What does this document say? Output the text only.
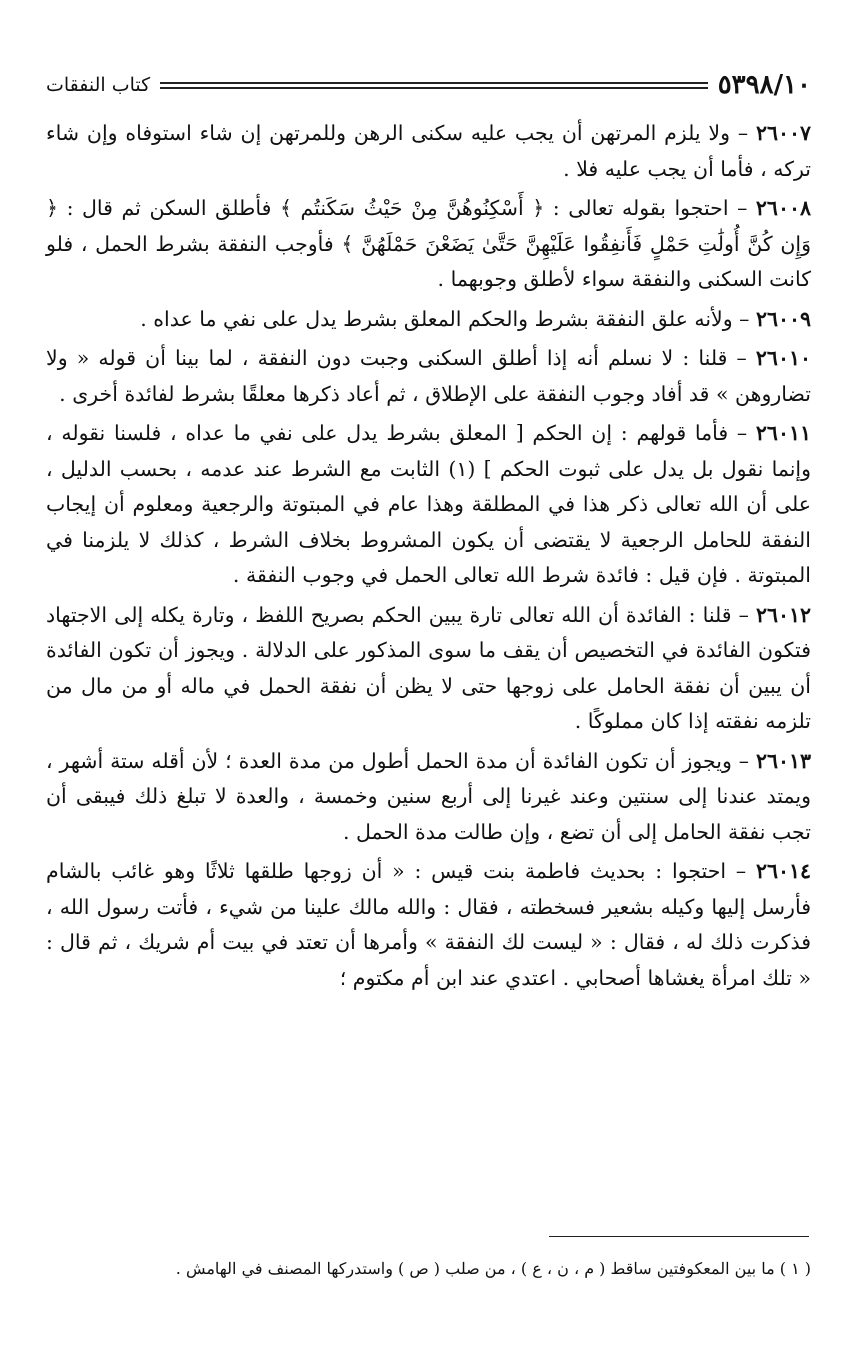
٥٣٩٨/١٠
كتاب النفقات

٢٦٠٠٧ – ولا يلزم المرتهن أن يجب عليه سكنى الرهن وللمرتهن إن شاء استوفاه وإن شاء تركه ، فأما أن يجب عليه فلا .

٢٦٠٠٨ – احتجوا بقوله تعالى : ﴿ أَسْكِنُوهُنَّ مِنْ حَيْثُ سَكَنتُم ﴾ فأطلق السكن ثم قال : ﴿ وَإِن كُنَّ أُولَٰتِ حَمْلٍ فَأَنفِقُوا عَلَيْهِنَّ حَتَّىٰ يَضَعْنَ حَمْلَهُنَّ ﴾ فأوجب النفقة بشرط الحمل ، فلو كانت السكنى والنفقة سواء لأطلق وجوبهما .

٢٦٠٠٩ – ولأنه علق النفقة بشرط والحكم المعلق بشرط يدل على نفي ما عداه .

٢٦٠١٠ – قلنا : لا نسلم أنه إذا أطلق السكنى وجبت دون النفقة ، لما بينا أن قوله « ولا تضاروهن » قد أفاد وجوب النفقة على الإطلاق ، ثم أعاد ذكرها معلقًا بشرط لفائدة أخرى .

٢٦٠١١ – فأما قولهم : إن الحكم [ المعلق بشرط يدل على نفي ما عداه ، فلسنا نقوله ، وإنما نقول بل يدل على ثبوت الحكم ] (١) الثابت مع الشرط عند عدمه ، بحسب الدليل ، على أن الله تعالى ذكر هذا في المطلقة وهذا عام في المبتوتة والرجعية ومعلوم أن إيجاب النفقة للحامل الرجعية لا يقتضى أن يكون المشروط بخلاف الشرط ، كذلك لا يلزمنا في المبتوتة . فإن قيل : فائدة شرط الله تعالى الحمل في وجوب النفقة .

٢٦٠١٢ – قلنا : الفائدة أن الله تعالى تارة يبين الحكم بصريح اللفظ ، وتارة يكله إلى الاجتهاد فتكون الفائدة في التخصيص أن يقف ما سوى المذكور على الدلالة . ويجوز أن تكون الفائدة أن يبين أن نفقة الحامل على زوجها حتى لا يظن أن نفقة الحمل في ماله أو من مال من تلزمه نفقته إذا كان مملوكًا .

٢٦٠١٣ – ويجوز أن تكون الفائدة أن مدة الحمل أطول من مدة العدة ؛ لأن أقله ستة أشهر ، ويمتد عندنا إلى سنتين وعند غيرنا إلى أربع سنين وخمسة ، والعدة لا تبلغ ذلك فيبقى أن تجب نفقة الحامل إلى أن تضع ، وإن طالت مدة الحمل .

٢٦٠١٤ – احتجوا : بحديث فاطمة بنت قيس : « أن زوجها طلقها ثلاثًا وهو غائب بالشام فأرسل إليها وكيله بشعير فسخطته ، فقال : والله مالك علينا من شيء ، فأتت رسول الله ، فذكرت ذلك له ، فقال : « ليست لك النفقة » وأمرها أن تعتد في بيت أم شريك ، ثم قال : « تلك امرأة يغشاها أصحابي . اعتدي عند ابن أم مكتوم ؛

( ١ ) ما بين المعكوفتين ساقط ( م ، ن ، ع ) ، من صلب ( ص ) واستدركها المصنف في الهامش .
